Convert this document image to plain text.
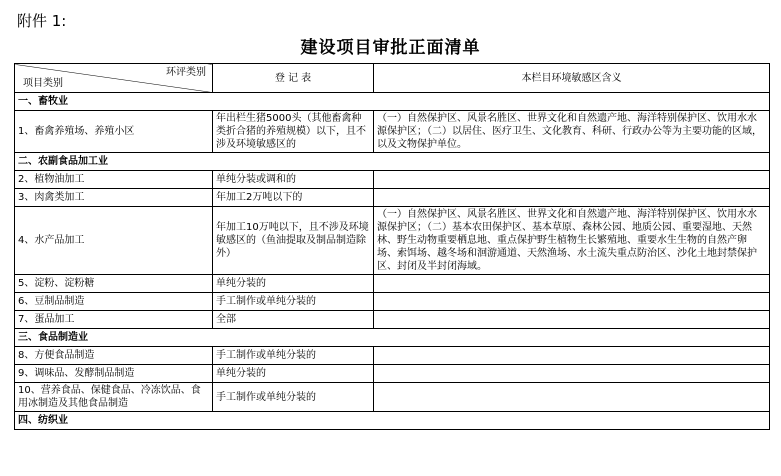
附件 1:
建设项目审批正面清单
环评类别
项目类别	登 记 表	本栏目环境敏感区含义
一、畜牧业		
1、畜禽养殖场、养殖小区	年出栏生猪5000头（其他畜禽种类折合猪的养殖规模）以下，且不涉及环境敏感区的	（一）自然保护区、风景名胜区、世界文化和自然遗产地、海洋特别保护区、饮用水水源保护区；（二）以居住、医疗卫生、文化教育、科研、行政办公等为主要功能的区域，以及文物保护单位。
二、农副食品加工业		
2、植物油加工	单纯分装或调和的	
3、肉禽类加工	年加工2万吨以下的	
4、水产品加工	年加工10万吨以下，且不涉及环境敏感区的（鱼油提取及制品制造除外）	（一）自然保护区、风景名胜区、世界文化和自然遗产地、海洋特别保护区、饮用水水源保护区；（二）基本农田保护区、基本草原、森林公园、地质公园、重要湿地、天然林、野生动物重要栖息地、重点保护野生植物生长繁殖地、重要水生生物的自然产卵场、索饵场、越冬场和洄游通道、天然渔场、水土流失重点防治区、沙化土地封禁保护区、封闭及半封闭海域。
5、淀粉、淀粉糖	单纯分装的	
6、豆制品制造	手工制作或单纯分装的	
7、蛋品加工	全部	
三、食品制造业		
8、方便食品制造	手工制作或单纯分装的	
9、调味品、发酵制品制造	单纯分装的	
10、营养食品、保健食品、冷冻饮品、食用冰制造及其他食品制造	手工制作或单纯分装的	
四、纺织业		
